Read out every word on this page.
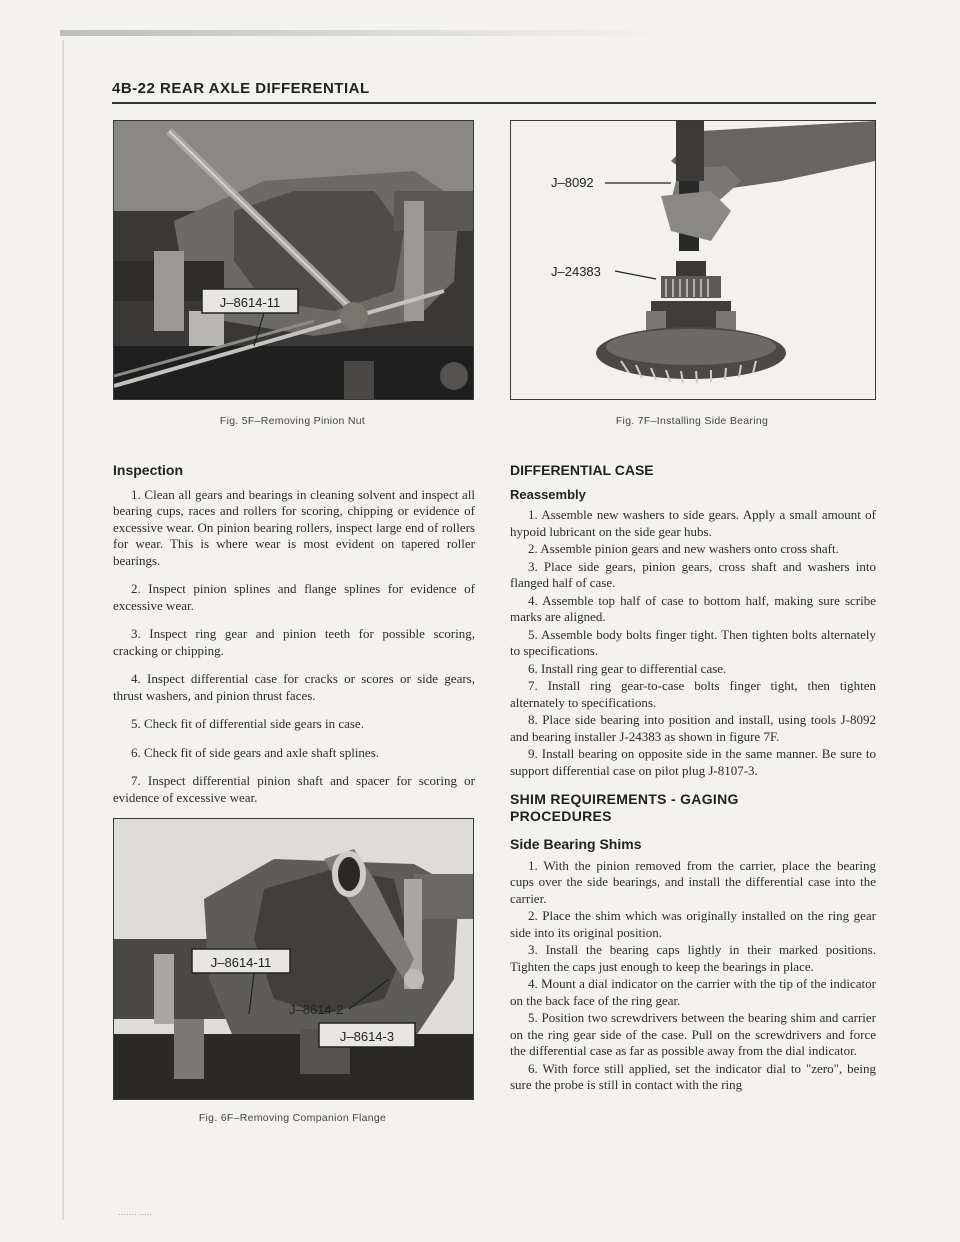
4B-22 REAR AXLE DIFFERENTIAL
J–8614-11
Fig. 5F–Removing Pinion Nut
J–8092
J–24383
Fig. 7F–Installing Side Bearing
J–8614-11
J–8614-2
J–8614-3
Fig. 6F–Removing Companion Flange
Inspection

1. Clean all gears and bearings in cleaning solvent and inspect all bearing cups, races and rollers for scoring, chipping or evidence of excessive wear. On pinion bearing rollers, inspect large end of rollers for wear. This is where wear is most evident on tapered roller bearings.

2. Inspect pinion splines and flange splines for evidence of excessive wear.

3. Inspect ring gear and pinion teeth for possible scoring, cracking or chipping.

4. Inspect differential case for cracks or scores or side gears, thrust washers, and pinion thrust faces.

5. Check fit of differential side gears in case.

6. Check fit of side gears and axle shaft splines.

7. Inspect differential pinion shaft and spacer for scoring or evidence of excessive wear.

DIFFERENTIAL CASE
Reassembly

1. Assemble new washers to side gears. Apply a small amount of hypoid lubricant on the side gear hubs.

2. Assemble pinion gears and new washers onto cross shaft.

3. Place side gears, pinion gears, cross shaft and washers into flanged half of case.

4. Assemble top half of case to bottom half, making sure scribe marks are aligned.

5. Assemble body bolts finger tight. Then tighten bolts alternately to specifications.

6. Install ring gear to differential case.

7. Install ring gear-to-case bolts finger tight, then tighten alternately to specifications.

8. Place side bearing into position and install, using tools J-8092 and bearing installer J-24383 as shown in figure 7F.

9. Install bearing on opposite side in the same manner. Be sure to support differential case on pilot plug J-8107-3.

SHIM REQUIREMENTS - GAGING
PROCEDURES
Side Bearing Shims

1. With the pinion removed from the carrier, place the bearing cups over the side bearings, and install the differential case into the carrier.

2. Place the shim which was originally installed on the ring gear side into its original position.

3. Install the bearing caps lightly in their marked positions. Tighten the caps just enough to keep the bearings in place.

4. Mount a dial indicator on the carrier with the tip of the indicator on the back face of the ring gear.

5. Position two screwdrivers between the bearing shim and carrier on the ring gear side of the case. Pull on the screwdrivers and force the differential case as far as possible away from the dial indicator.

6. With force still applied, set the indicator dial to "zero", being sure the probe is still in contact with the ring

······· ·····
